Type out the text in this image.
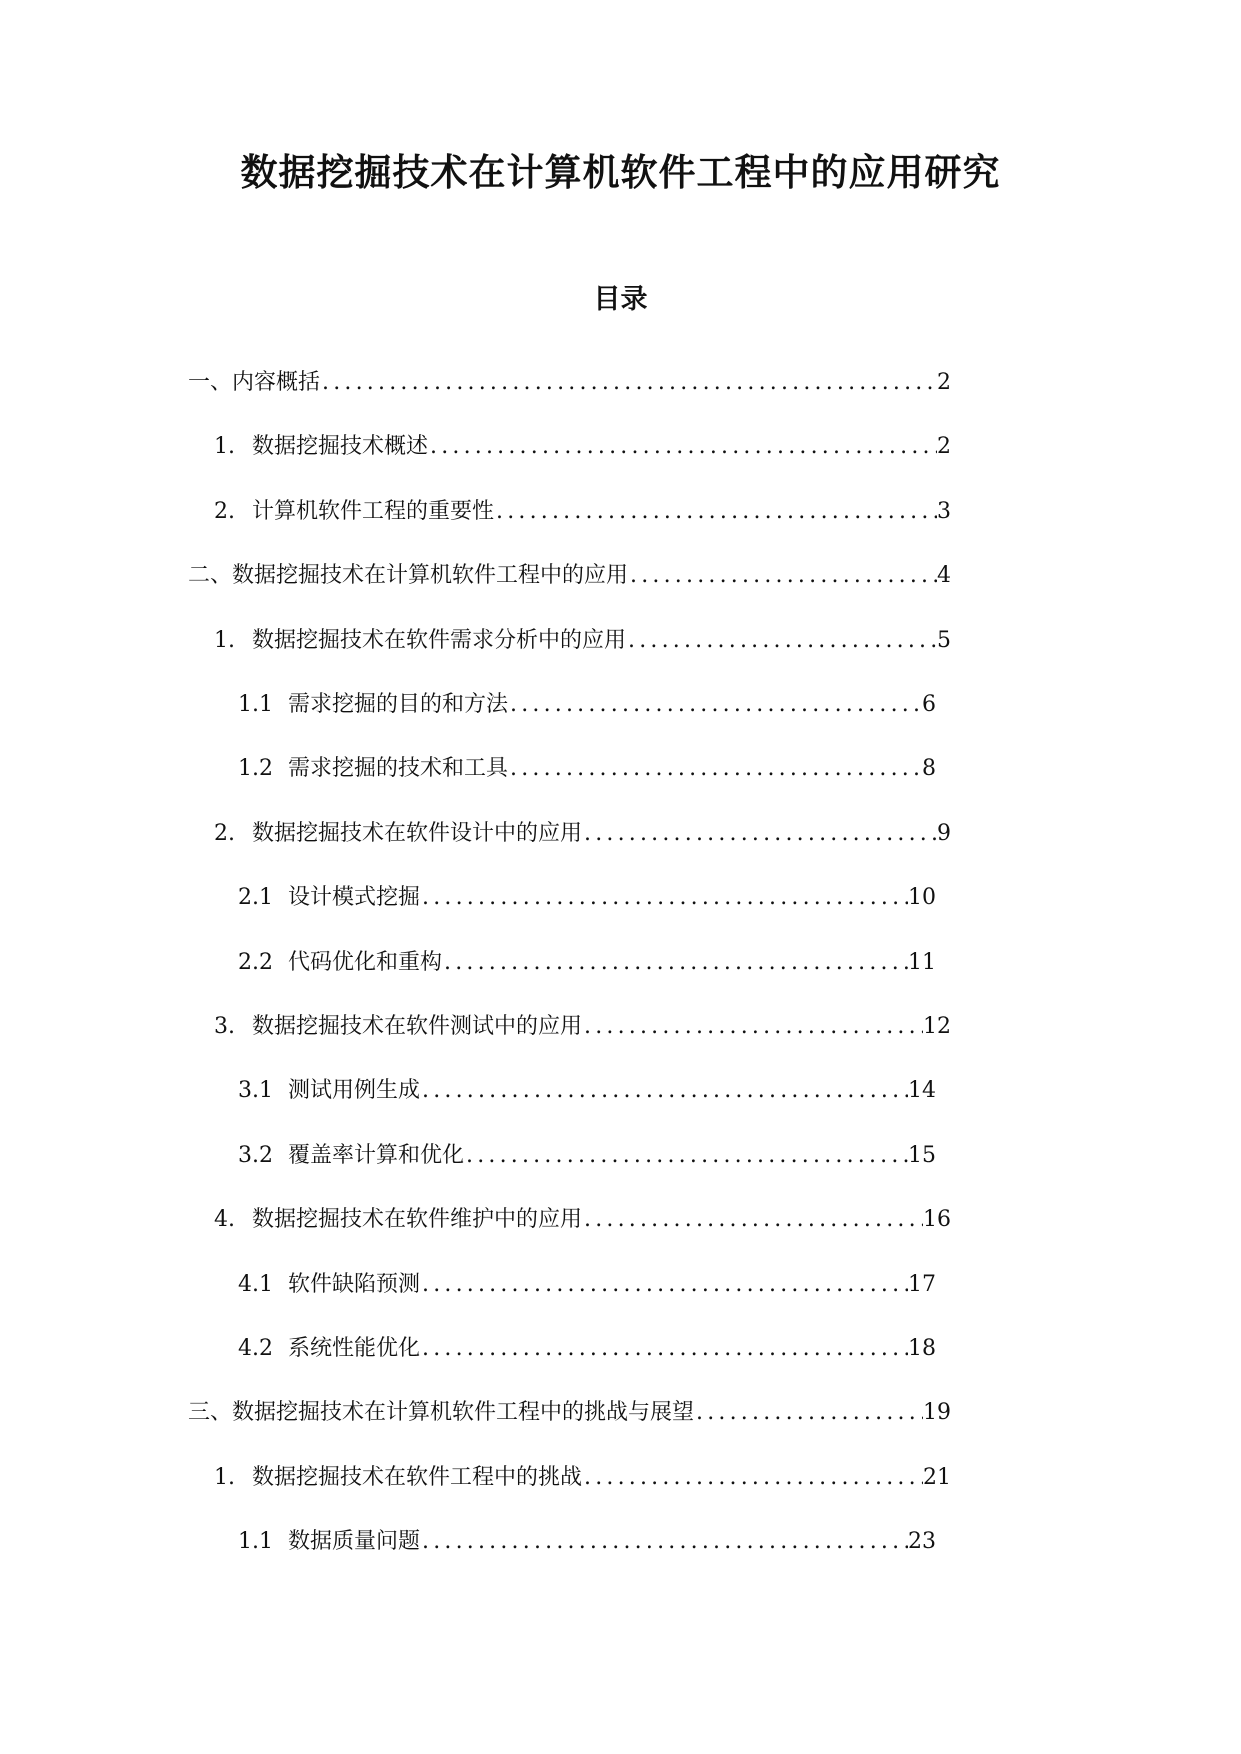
数据挖掘技术在计算机软件工程中的应用研究
目录
一、 内容概括 .....	2
1. 数据挖掘技术概述 .....	2
2. 计算机软件工程的重要性 .....	3
二、 数据挖掘技术在计算机软件工程中的应用 .....	4
1. 数据挖掘技术在软件需求分析中的应用 .....	5
1.1 需求挖掘的目的和方法 .....	6
1.2 需求挖掘的技术和工具 .....	8
2. 数据挖掘技术在软件设计中的应用 .....	9
2.1 设计模式挖掘 .....	10
2.2 代码优化和重构 .....	11
3. 数据挖掘技术在软件测试中的应用 .....	12
3.1 测试用例生成 .....	14
3.2 覆盖率计算和优化 .....	15
4. 数据挖掘技术在软件维护中的应用 .....	16
4.1 软件缺陷预测 .....	17
4.2 系统性能优化 .....	18
三、 数据挖掘技术在计算机软件工程中的挑战与展望 .....	19
1. 数据挖掘技术在软件工程中的挑战 .....	21
1.1 数据质量问题 .....	23
